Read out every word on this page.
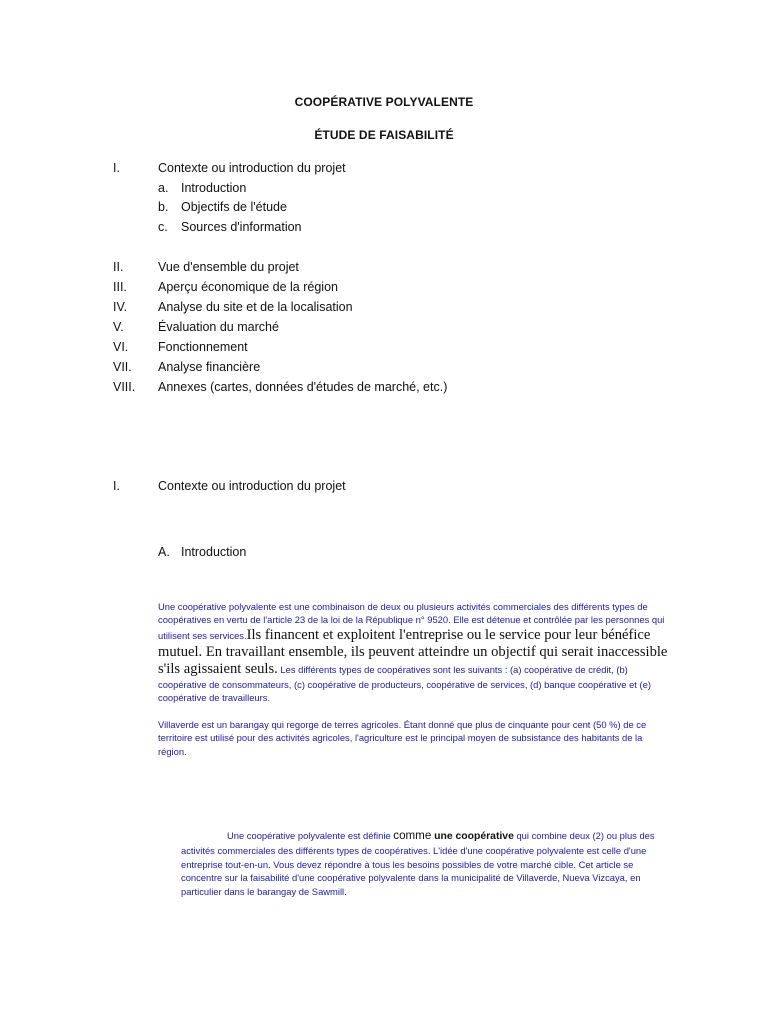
COOPÉRATIVE POLYVALENTE
ÉTUDE DE FAISABILITÉ
I.	Contexte ou introduction du projet
a. Introduction
b. Objectifs de l'étude
c. Sources d'information
II.	Vue d'ensemble du projet
III. Aperçu économique de la région
IV. Analyse du site et de la localisation
V.	Évaluation du marché
VI. Fonctionnement
VII. Analyse financière
VIII. Annexes (cartes, données d'études de marché, etc.)
I.	Contexte ou introduction du projet
A. Introduction
Une coopérative polyvalente est une combinaison de deux ou plusieurs activités commerciales des différents types de coopératives en vertu de l'article 23 de la loi de la République n° 9520. Elle est détenue et contrôlée par les personnes qui utilisent ses services.Ils financent et exploitent l'entreprise ou le service pour leur bénéfice mutuel. En travaillant ensemble, ils peuvent atteindre un objectif qui serait inaccessible s'ils agissaient seuls. Les différents types de coopératives sont les suivants : (a) coopérative de crédit, (b) coopérative de consommateurs, (c) coopérative de producteurs, coopérative de services, (d) banque coopérative et (e) coopérative de travailleurs.
Villaverde est un barangay qui regorge de terres agricoles. Étant donné que plus de cinquante pour cent (50 %) de ce territoire est utilisé pour des activités agricoles, l'agriculture est le principal moyen de subsistance des habitants de la région.
Une coopérative polyvalente est définie comme une coopérative qui combine deux (2) ou plus des activités commerciales des différents types de coopératives. L'idée d'une coopérative polyvalente est celle d'une entreprise tout-en-un. Vous devez répondre à tous les besoins possibles de votre marché cible. Cet article se concentre sur la faisabilité d'une coopérative polyvalente dans la municipalité de Villaverde, Nueva Vizcaya, en particulier dans le barangay de Sawmill.
